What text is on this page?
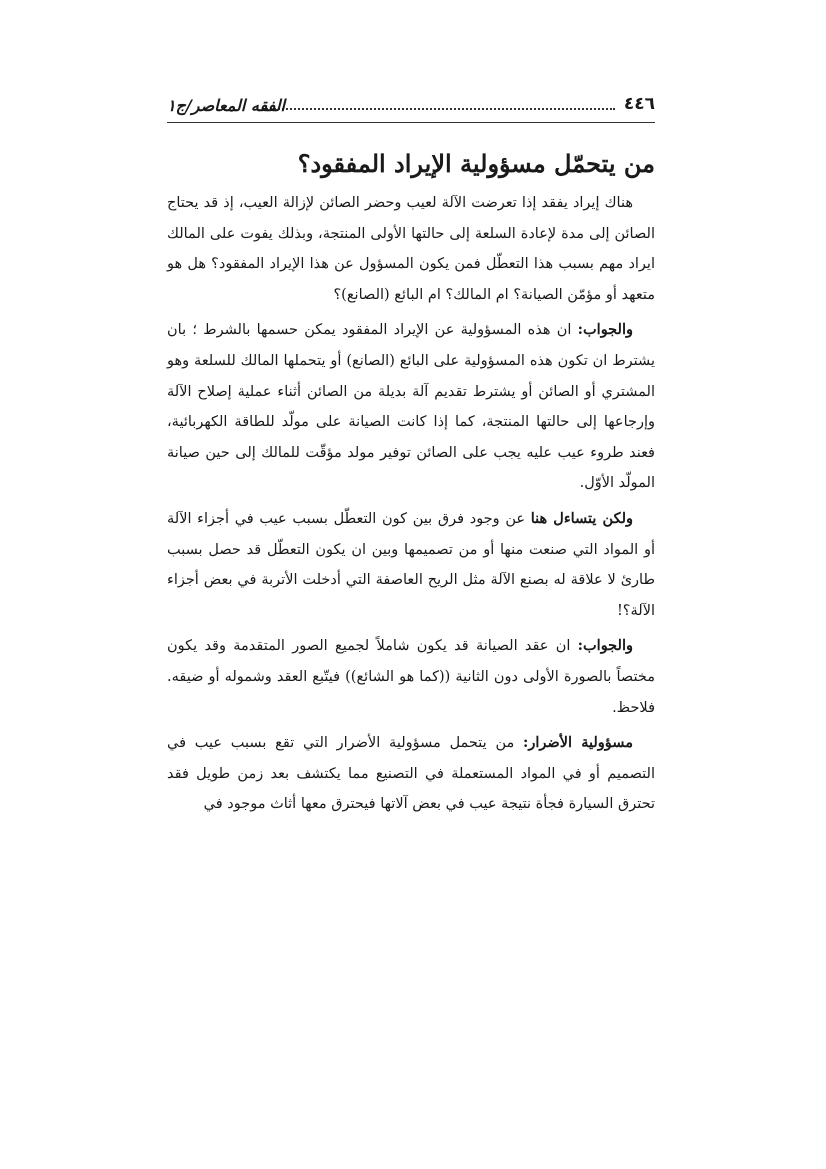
٤٤٦
الفقه المعاصر/ج١
من يتحمّل مسؤولية الإيراد المفقود؟

هناك إيراد يفقد إذا تعرضت الآلة لعيب وحضر الصائن لإزالة العيب، إذ قد يحتاج الصائن إلى مدة لإعادة السلعة إلى حالتها الأولى المنتجة، وبذلك يفوت على المالك ايراد مهم بسبب هذا التعطّل فمن يكون المسؤول عن هذا الإيراد المفقود؟ هل هو متعهد أو مؤمّن الصيانة؟ ام المالك؟ ام البائع (الصانع)؟

والجواب: ان هذه المسؤولية عن الإيراد المفقود يمكن حسمها بالشرط ؛ بان يشترط ان تكون هذه المسؤولية على البائع (الصانع) أو يتحملها المالك للسلعة وهو المشتري أو الصائن أو يشترط تقديم آلة بديلة من الصائن أثناء عملية إصلاح الآلة وإرجاعها إلى حالتها المنتجة، كما إذا كانت الصيانة على مولّد للطاقة الكهربائية، فعند طروء عيب عليه يجب على الصائن توفير مولد مؤقّت للمالك إلى حين صيانة المولّد الأوّل.

ولكن يتساءل هنا عن وجود فرق بين كون التعطّل بسبب عيب في أجزاء الآلة أو المواد التي صنعت منها أو من تصميمها وبين ان يكون التعطّل قد حصل بسبب طارئ لا علاقة له بصنع الآلة مثل الريح العاصفة التي أدخلت الأتربة في بعض أجزاء الآلة؟!

والجواب: ان عقد الصيانة قد يكون شاملاً لجميع الصور المتقدمة وقد يكون مختصاً بالصورة الأولى دون الثانية ((كما هو الشائع)) فيتّبع العقد وشموله أو ضيقه. فلاحظ.

مسؤولية الأضرار: من يتحمل مسؤولية الأضرار التي تقع بسبب عيب في التصميم أو في المواد المستعملة في التصنيع مما يكتشف بعد زمن طويل فقد تحترق السيارة فجأة نتيجة عيب في بعض آلاتها فيحترق معها أثاث موجود في
